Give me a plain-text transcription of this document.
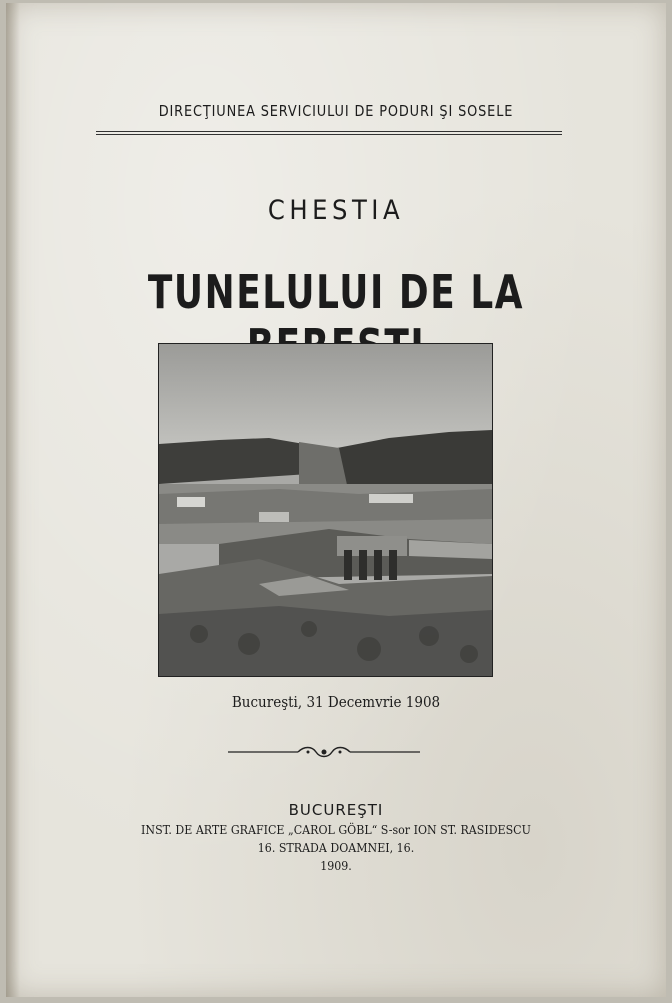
DIRECŢIUNEA SERVICIULUI DE PODURI ŞI SOSELE
CHESTIA
TUNELULUI DE LA
Bucureşti, 31 Decemvrie 1908
BUCUREŞTI
INST. DE ARTE GRAFICE „CAROL GÖBL“ S-sor ION ST. RASIDESCU
16. STRADA DOAMNEI, 16.
1909.
